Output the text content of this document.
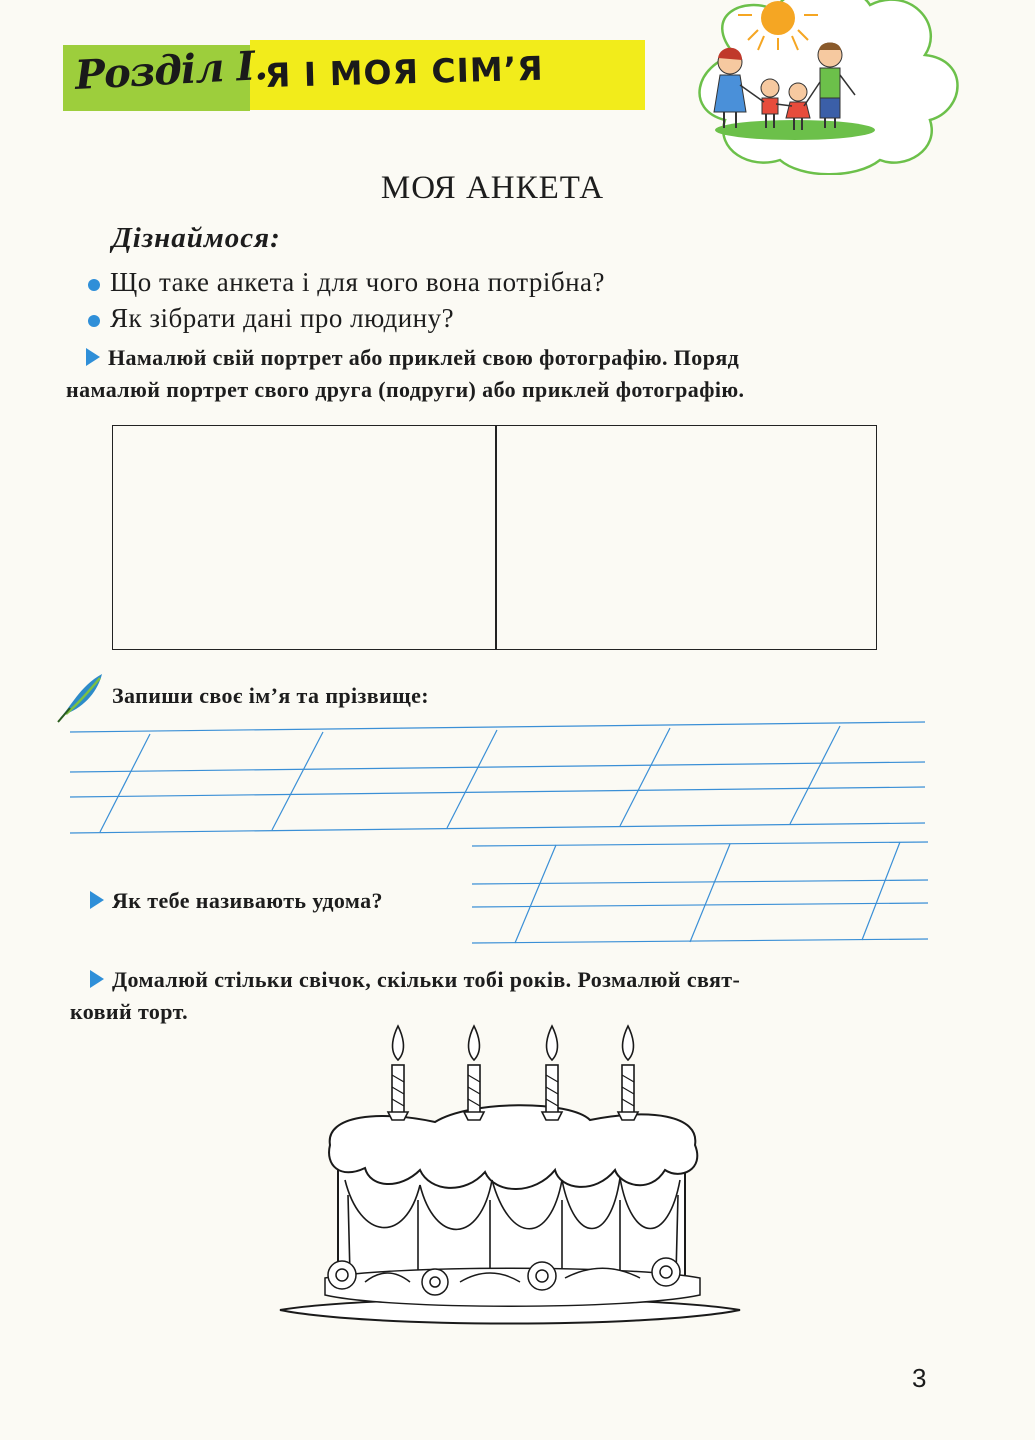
Розділ І.
Я І МОЯ СІМ’Я
МОЯ АНКЕТА
Дізнаймося:
Що таке анкета і для чого вона потрібна?
Як зібрати дані про людину?
Намалюй свій портрет або приклей свою фотографію. Поряд
намалюй портрет свого друга (подруги) або приклей фотографію.
Запиши своє ім’я та прізвище:
Як тебе називають удома?
Домалюй стільки свічок, скільки тобі років. Розмалюй свят-
ковий торт.
3
